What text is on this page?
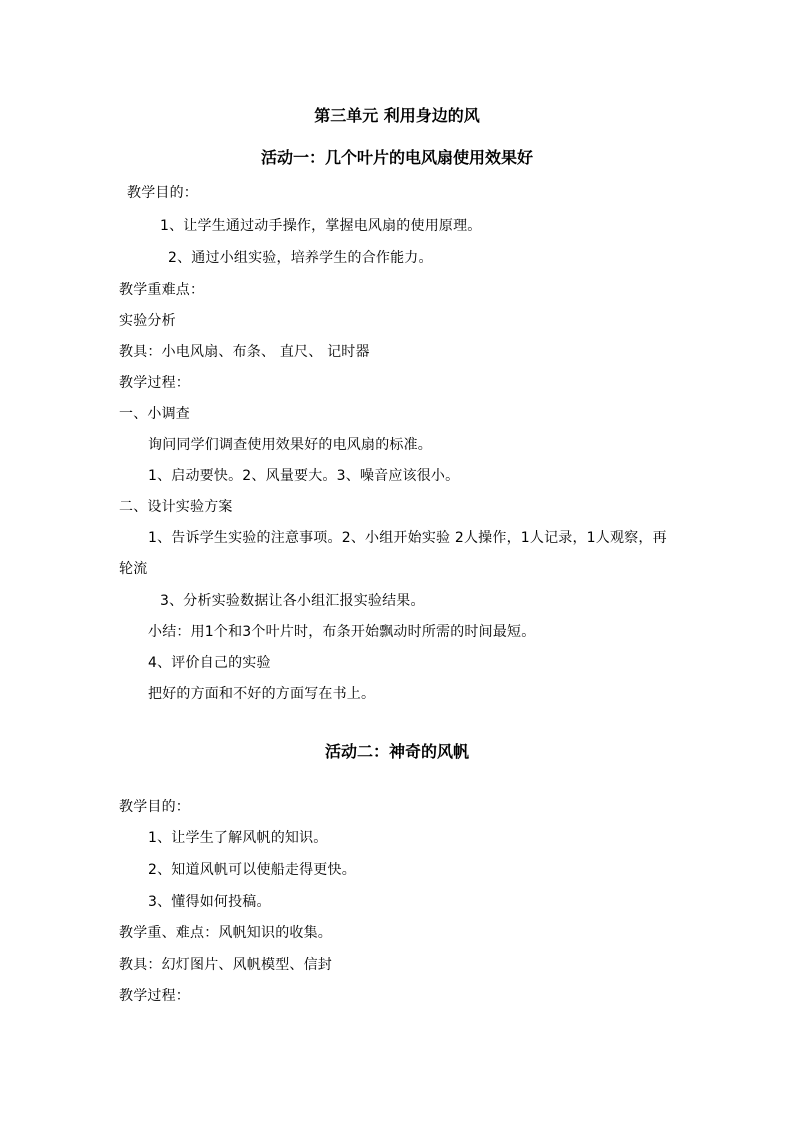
第三单元 利用身边的风
活动一：几个叶片的电风扇使用效果好
教学目的：
1、让学生通过动手操作，掌握电风扇的使用原理。
2、通过小组实验，培养学生的合作能力。
教学重难点：
实验分析
教具：小电风扇、布条、 直尺、 记时器
教学过程：
一、小调查
询问同学们调查使用效果好的电风扇的标准。
1、启动要快。2、风量要大。3、噪音应该很小。
二、设计实验方案
1、告诉学生实验的注意事项。2、小组开始实验 2人操作，1人记录，1人观察，再轮流
3、分析实验数据让各小组汇报实验结果。
小结：用1个和3个叶片时，布条开始飘动时所需的时间最短。
4、评价自己的实验
把好的方面和不好的方面写在书上。
活动二：神奇的风帆
教学目的：
1、让学生了解风帆的知识。
2、知道风帆可以使船走得更快。
3、懂得如何投稿。
教学重、难点：风帆知识的收集。
教具：幻灯图片、风帆模型、信封
教学过程：
